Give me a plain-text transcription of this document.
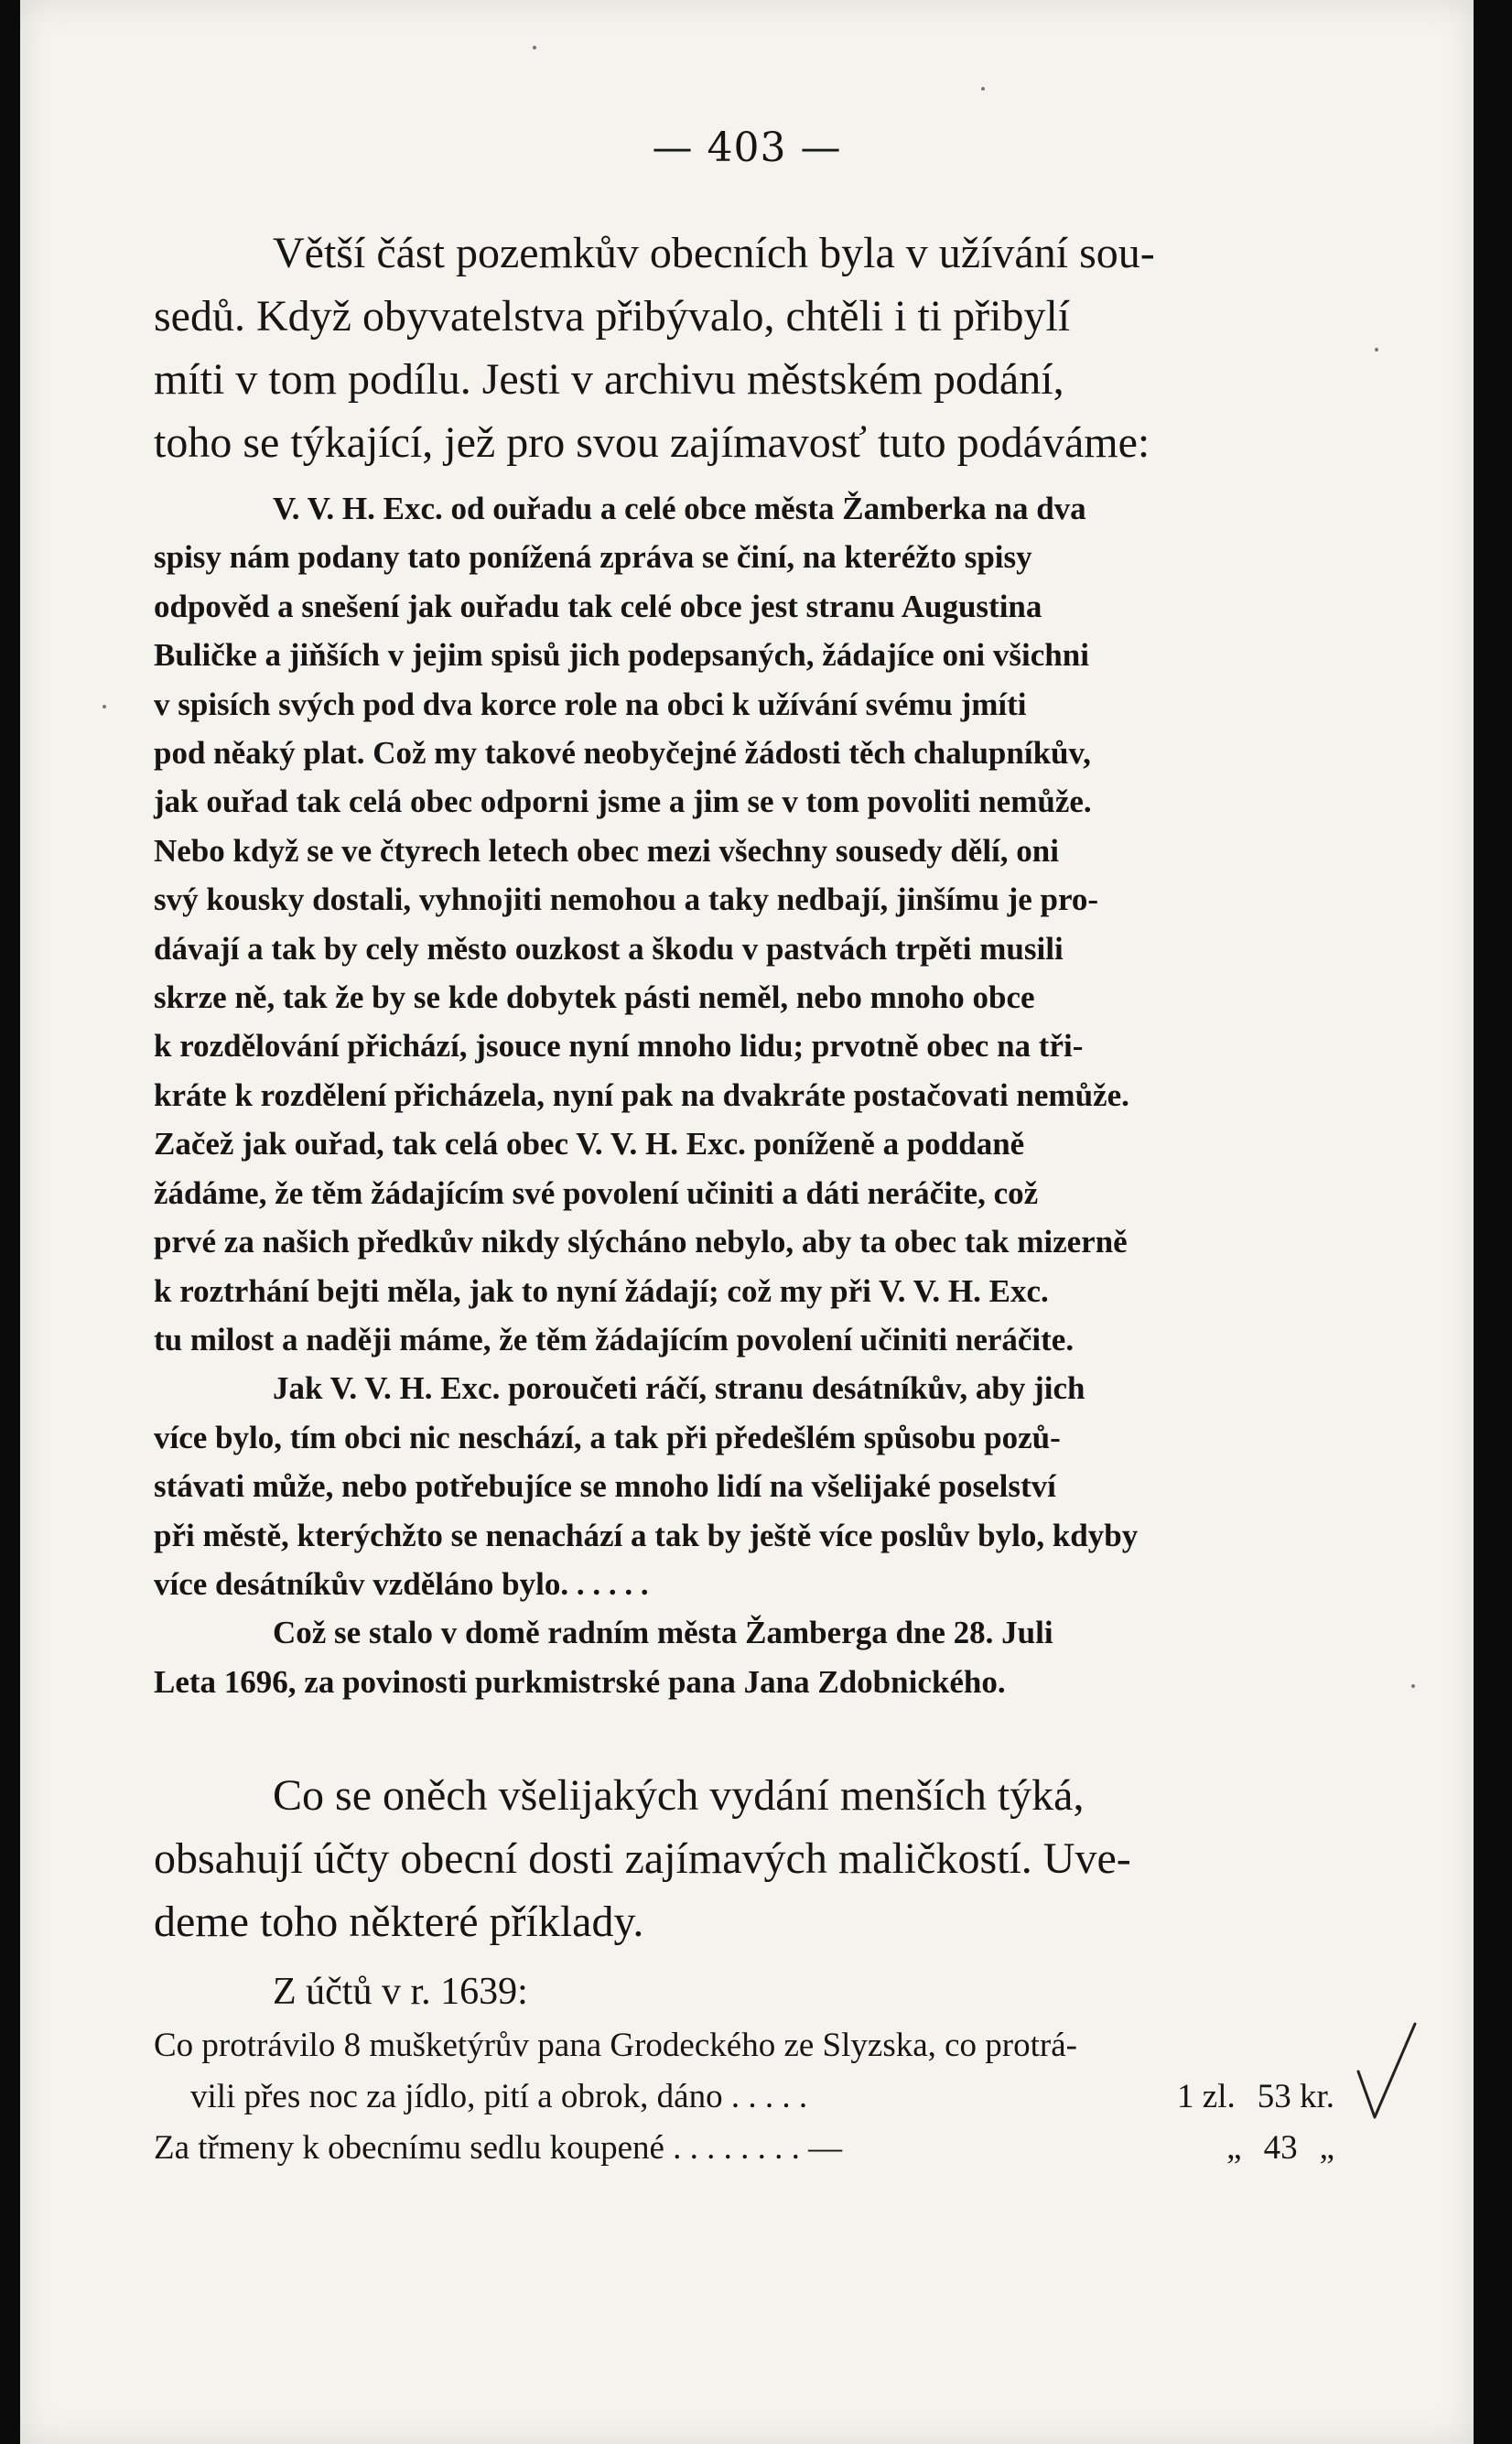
— 403 —
Větší část pozemkův obecních byla v užívání sou-
sedů. Když obyvatelstva přibývalo, chtěli i ti přibylí
míti v tom podílu. Jesti v archivu městském podání,
toho se týkající, jež pro svou zajímavosť tuto podáváme:
V. V. H. Exc. od ouřadu a celé obce města Žamberka na dva
spisy nám podany tato ponížená zpráva se činí, na kteréžto spisy
odpověd a snešení jak ouřadu tak celé obce jest stranu Augustina
Buličke a jiňších v jejim spisů jich podepsaných, žádajíce oni všichni
v spisích svých pod dva korce role na obci k užívání svému jmíti
pod něaký plat. Což my takové neobyčejné žádosti těch chalupníkův,
jak ouřad tak celá obec odporni jsme a jim se v tom povoliti nemůže.
Nebo když se ve čtyrech letech obec mezi všechny sousedy dělí, oni
svý kousky dostali, vyhnojiti nemohou a taky nedbají, jinšímu je pro-
dávají a tak by cely město ouzkost a škodu v pastvách trpěti musili
skrze ně, tak že by se kde dobytek pásti neměl, nebo mnoho obce
k rozdělování přichází, jsouce nyní mnoho lidu; prvotně obec na tři-
kráte k rozdělení přicházela, nyní pak na dvakráte postačovati nemůže.
Začež jak ouřad, tak celá obec V. V. H. Exc. poníženě a poddaně
žádáme, že těm žádajícím své povolení učiniti a dáti neráčite, což
prvé za našich předkův nikdy slýcháno nebylo, aby ta obec tak mizerně
k roztrhání bejti měla, jak to nyní žádají; což my při V. V. H. Exc.
tu milost a naději máme, že těm žádajícím povolení učiniti neráčite.
Jak V. V. H. Exc. poroučeti ráčí, stranu desátníkův, aby jich
více bylo, tím obci nic neschází, a tak při předešlém spůsobu pozů-
stávati může, nebo potřebujíce se mnoho lidí na všelijaké poselství
při městě, kterýchžto se nenachází a tak by ještě více poslův bylo, kdyby
více desátníkův vzděláno bylo. . . . . .
Což se stalo v domě radním města Žamberga dne 28. Juli
Leta 1696, za povinosti purkmistrské pana Jana Zdobnického.
Co se oněch všelijakých vydání menších týká,
obsahují účty obecní dosti zajímavých maličkostí. Uve-
deme toho některé příklady.
Z účtů v r. 1639:
Co protrávilo 8 mušketýrův pana Grodeckého ze Slyzska, co protrá-
vili přes noc za jídlo, pití a obrok, dáno . . . . .	1 zl. 53 kr.
Za třmeny k obecnímu sedlu koupené . . . . . . . . —	„ 43 „
